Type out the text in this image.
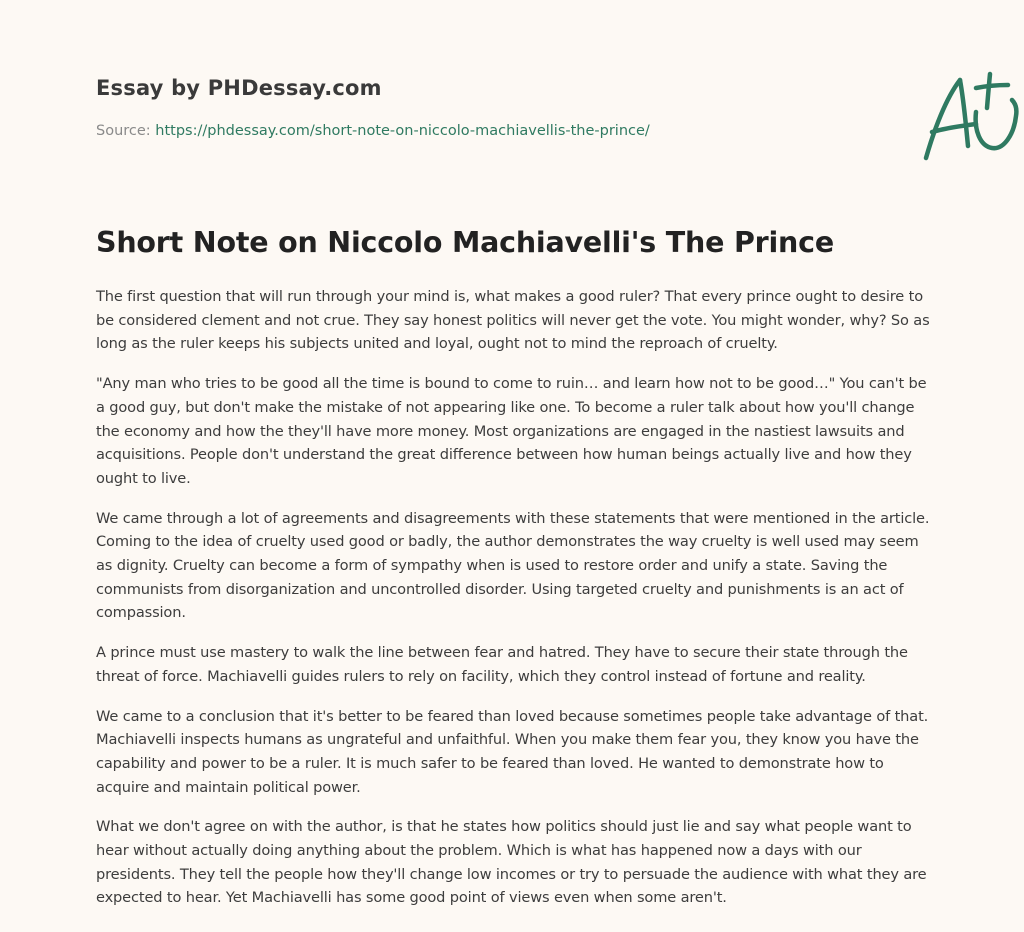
Essay by PHDessay.com
Source: https://phdessay.com/short-note-on-niccolo-machiavellis-the-prince/
Short Note on Niccolo Machiavelli's The Prince

The first question that will run through your mind is, what makes a good ruler? That every prince ought to desire to be considered clement and not crue. They say honest politics will never get the vote. You might wonder, why? So as long as the ruler keeps his subjects united and loyal, ought not to mind the reproach of cruelty.

"Any man who tries to be good all the time is bound to come to ruin… and learn how not to be good…" You can't be a good guy, but don't make the mistake of not appearing like one. To become a ruler talk about how you'll change the economy and how the they'll have more money. Most organizations are engaged in the nastiest lawsuits and acquisitions. People don't understand the great difference between how human beings actually live and how they ought to live.

We came through a lot of agreements and disagreements with these statements that were mentioned in the article. Coming to the idea of cruelty used good or badly, the author demonstrates the way cruelty is well used may seem as dignity. Cruelty can become a form of sympathy when is used to restore order and unify a state. Saving the communists from disorganization and uncontrolled disorder. Using targeted cruelty and punishments is an act of compassion.

A prince must use mastery to walk the line between fear and hatred. They have to secure their state through the threat of force. Machiavelli guides rulers to rely on facility, which they control instead of fortune and reality.

We came to a conclusion that it's better to be feared than loved because sometimes people take advantage of that. Machiavelli inspects humans as ungrateful and unfaithful. When you make them fear you, they know you have the capability and power to be a ruler. It is much safer to be feared than loved. He wanted to demonstrate how to acquire and maintain political power.

What we don't agree on with the author, is that he states how politics should just lie and say what people want to hear without actually doing anything about the problem. Which is what has happened now a days with our presidents. They tell the people how they'll change low incomes or try to persuade the audience with what they are expected to hear. Yet Machiavelli has some good point of views even when some aren't.
